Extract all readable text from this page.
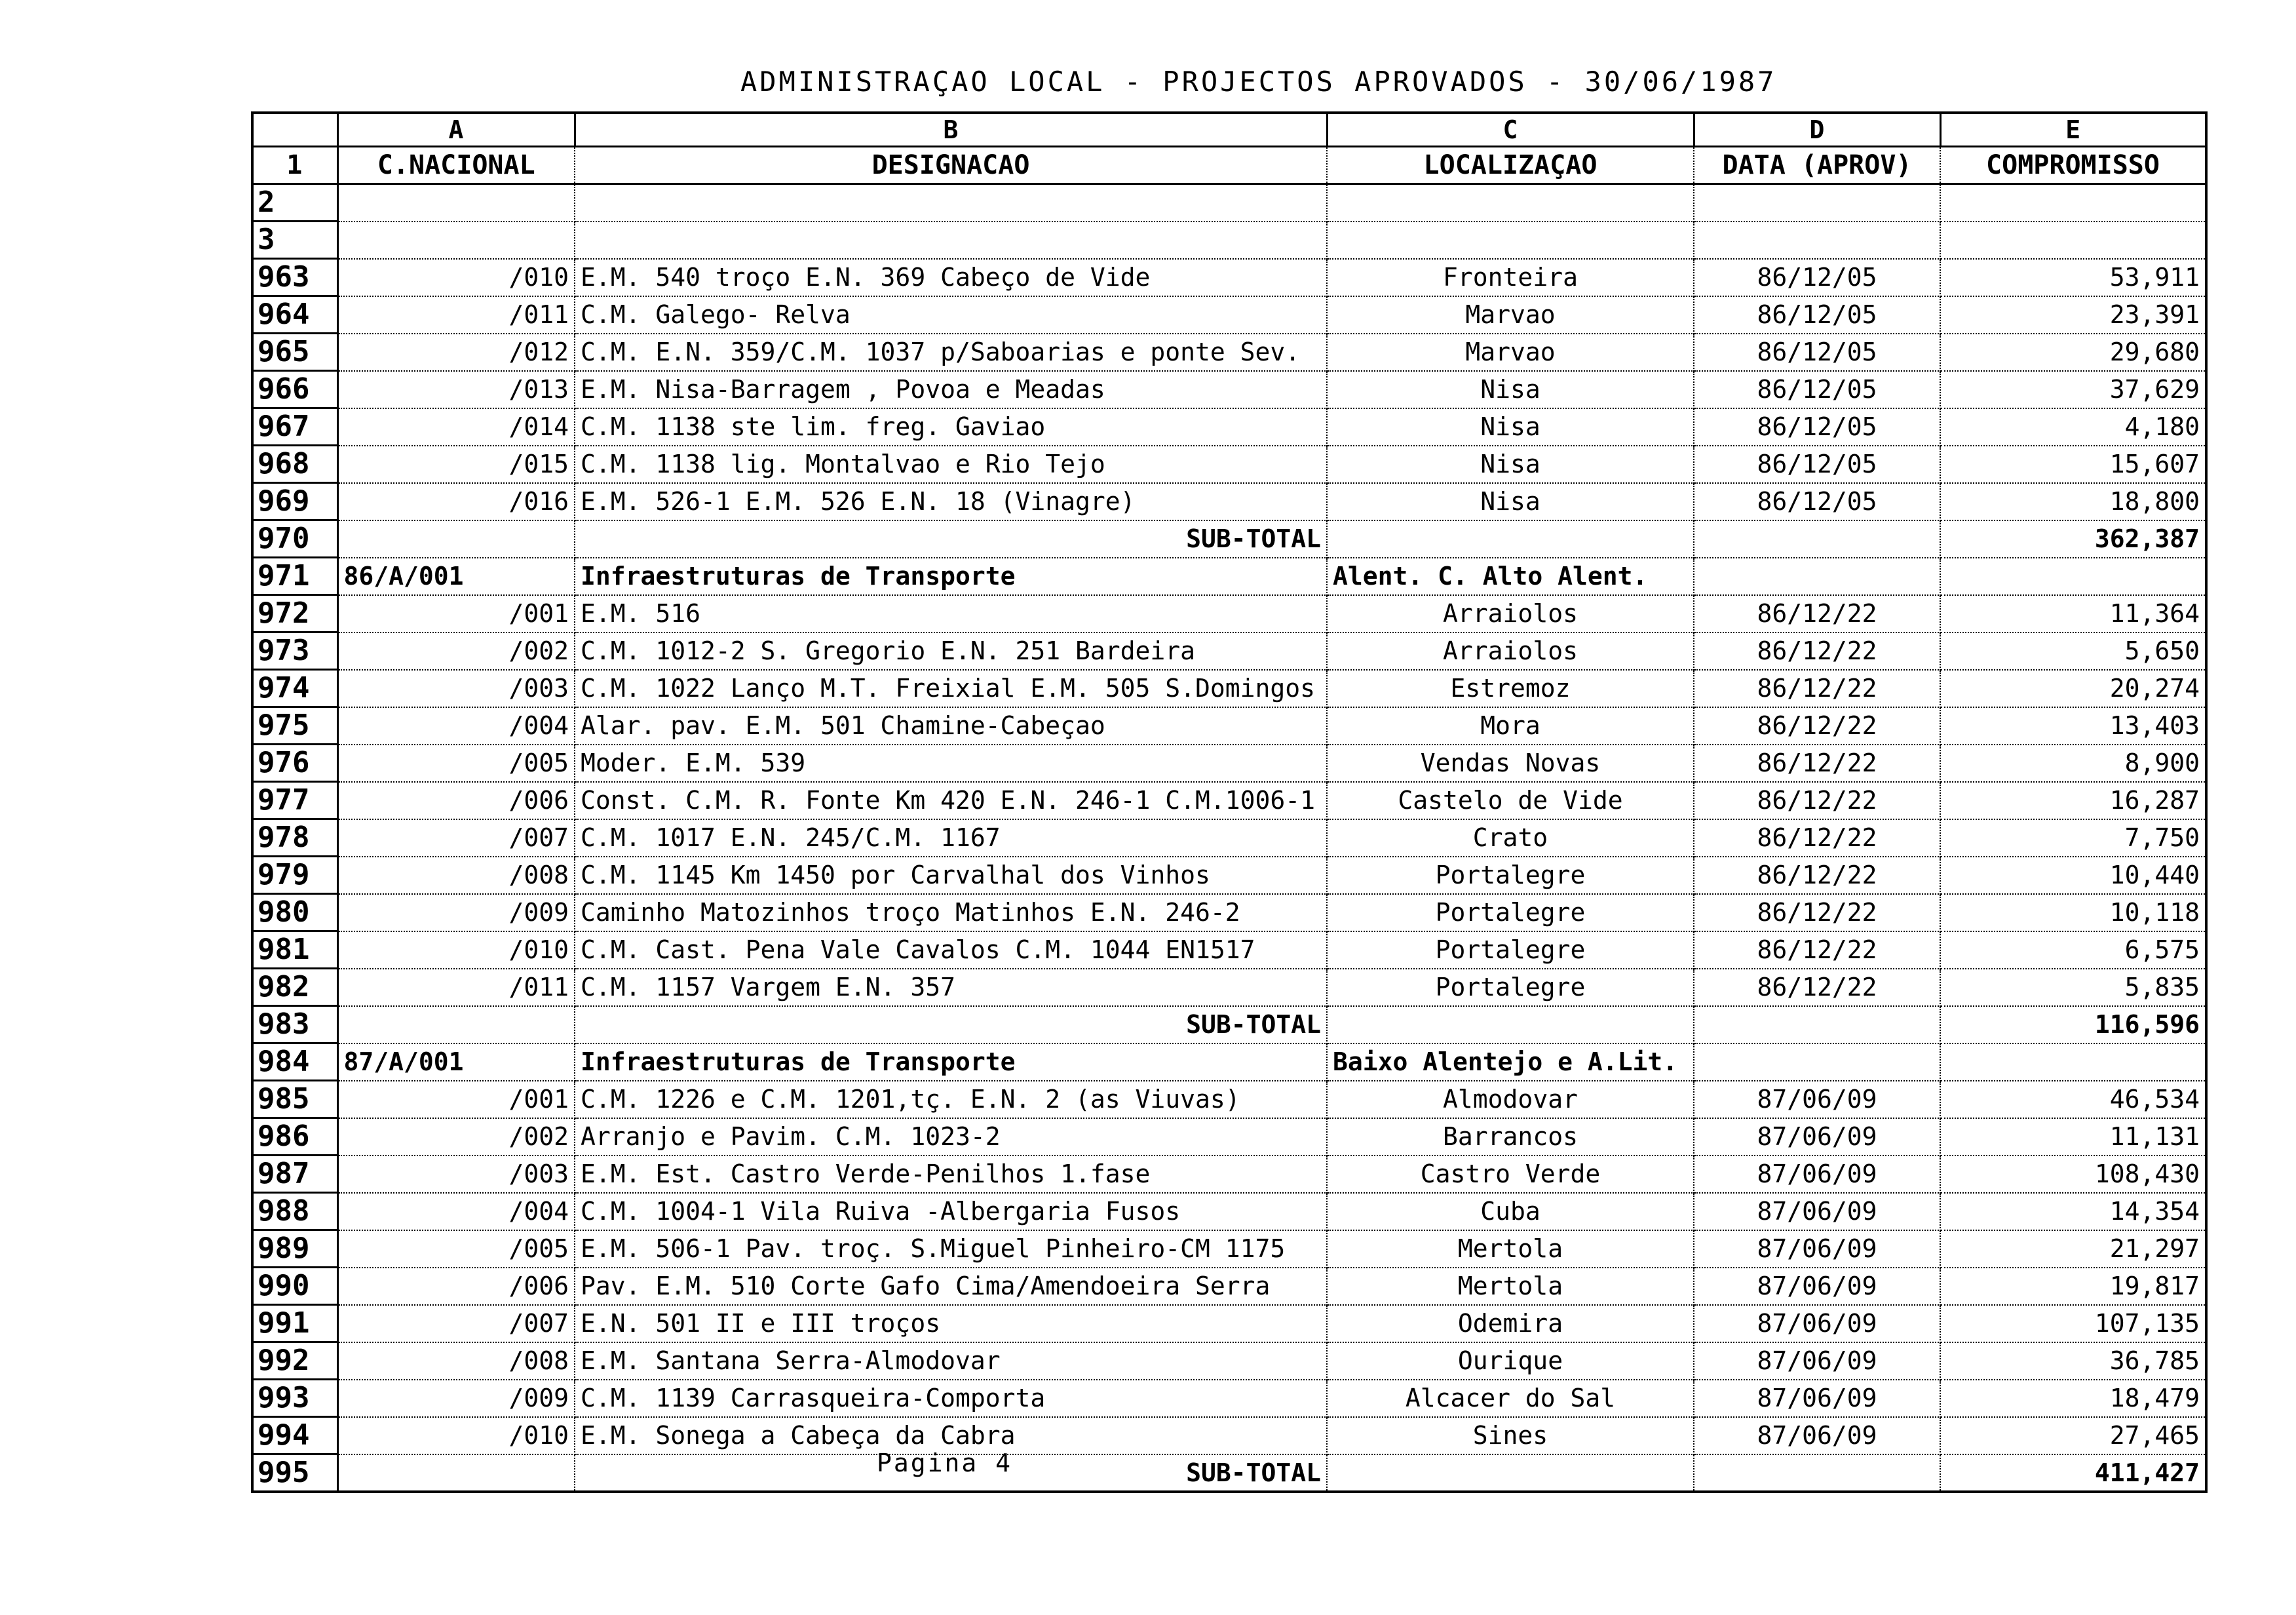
ADMINISTRAÇAO LOCAL - PROJECTOS APROVADOS - 30/06/1987
	A	B	C	D	E
1	C.NACIONAL	DESIGNACAO	LOCALIZAÇAO	DATA (APROV)	COMPROMISSO
2					
3					
963	/010	E.M. 540 troço E.N. 369 Cabeço de Vide	Fronteira	86/12/05	53,911
964	/011	C.M. Galego- Relva	Marvao	86/12/05	23,391
965	/012	C.M. E.N. 359/C.M. 1037 p/Saboarias e ponte Sev.	Marvao	86/12/05	29,680
966	/013	E.M. Nisa-Barragem , Povoa e Meadas	Nisa	86/12/05	37,629
967	/014	C.M. 1138 ste lim. freg. Gaviao	Nisa	86/12/05	4,180
968	/015	C.M. 1138 lig. Montalvao e Rio Tejo	Nisa	86/12/05	15,607
969	/016	E.M. 526-1 E.M. 526 E.N. 18 (Vinagre)	Nisa	86/12/05	18,800
970		SUB-TOTAL			362,387
971	86/A/001	Infraestruturas de Transporte	Alent. C. Alto Alent.		
972	/001	E.M. 516	Arraiolos	86/12/22	11,364
973	/002	C.M. 1012-2 S. Gregorio E.N. 251 Bardeira	Arraiolos	86/12/22	5,650
974	/003	C.M. 1022 Lanço M.T. Freixial E.M. 505 S.Domingos	Estremoz	86/12/22	20,274
975	/004	Alar. pav. E.M. 501 Chamine-Cabeçao	Mora	86/12/22	13,403
976	/005	Moder. E.M. 539	Vendas Novas	86/12/22	8,900
977	/006	Const. C.M. R. Fonte Km 420 E.N. 246-1 C.M.1006-1	Castelo de Vide	86/12/22	16,287
978	/007	C.M. 1017 E.N. 245/C.M. 1167	Crato	86/12/22	7,750
979	/008	C.M. 1145 Km 1450 por Carvalhal dos Vinhos	Portalegre	86/12/22	10,440
980	/009	Caminho Matozinhos troço Matinhos E.N. 246-2	Portalegre	86/12/22	10,118
981	/010	C.M. Cast. Pena Vale Cavalos C.M. 1044 EN1517	Portalegre	86/12/22	6,575
982	/011	C.M. 1157 Vargem E.N. 357	Portalegre	86/12/22	5,835
983		SUB-TOTAL			116,596
984	87/A/001	Infraestruturas de Transporte	Baixo Alentejo e A.Lit.		
985	/001	C.M. 1226 e C.M. 1201,tç. E.N. 2 (as Viuvas)	Almodovar	87/06/09	46,534
986	/002	Arranjo e Pavim. C.M. 1023-2	Barrancos	87/06/09	11,131
987	/003	E.M. Est. Castro Verde-Penilhos 1.fase	Castro Verde	87/06/09	108,430
988	/004	C.M. 1004-1 Vila Ruiva -Albergaria Fusos	Cuba	87/06/09	14,354
989	/005	E.M. 506-1 Pav. troç. S.Miguel Pinheiro-CM 1175	Mertola	87/06/09	21,297
990	/006	Pav. E.M. 510 Corte Gafo Cima/Amendoeira Serra	Mertola	87/06/09	19,817
991	/007	E.N. 501 II e III troços	Odemira	87/06/09	107,135
992	/008	E.M. Santana Serra-Almodovar	Ourique	87/06/09	36,785
993	/009	C.M. 1139 Carrasqueira-Comporta	Alcacer do Sal	87/06/09	18,479
994	/010	E.M. Sonega a Cabeça da Cabra	Sines	87/06/09	27,465
995		SUB-TOTAL			411,427
Pagina 4
